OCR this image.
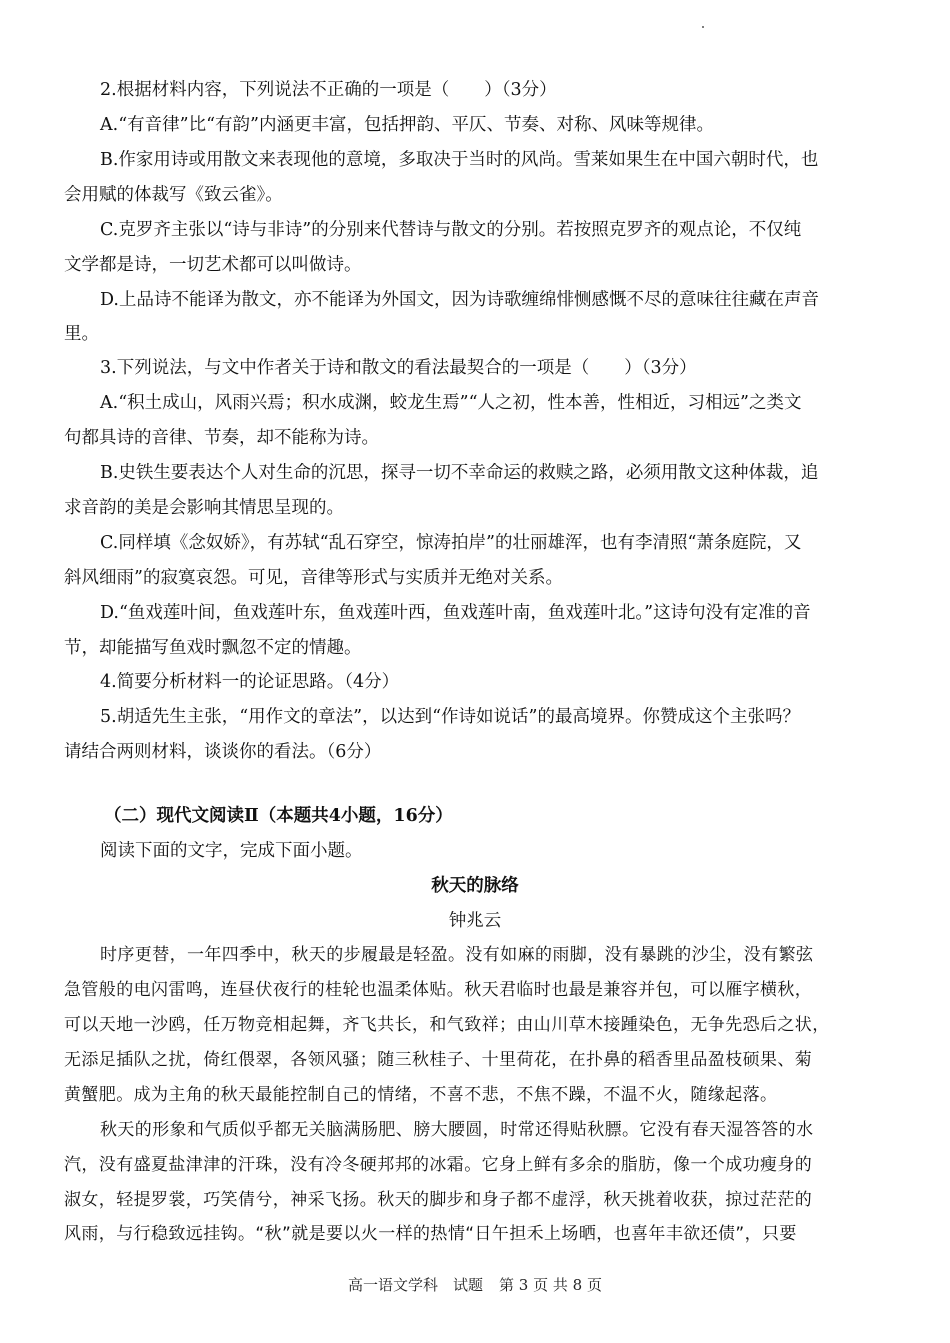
2.根据材料内容，下列说法不正确的一项是（　　）（3分）
A.“有音律”比“有韵”内涵更丰富，包括押韵、平仄、节奏、对称、风味等规律。
B.作家用诗或用散文来表现他的意境，多取决于当时的风尚。雪莱如果生在中国六朝时代，也
会用赋的体裁写《致云雀》。
C.克罗齐主张以“诗与非诗”的分别来代替诗与散文的分别。若按照克罗齐的观点论，不仅纯
文学都是诗，一切艺术都可以叫做诗。
D.上品诗不能译为散文，亦不能译为外国文，因为诗歌缠绵悱恻感慨不尽的意味往往藏在声音
里。
3.下列说法，与文中作者关于诗和散文的看法最契合的一项是（　　）（3分）
A.“积土成山，风雨兴焉；积水成渊，蛟龙生焉”“人之初，性本善，性相近，习相远”之类文
句都具诗的音律、节奏，却不能称为诗。
B.史铁生要表达个人对生命的沉思，探寻一切不幸命运的救赎之路，必须用散文这种体裁，追
求音韵的美是会影响其情思呈现的。
C.同样填《念奴娇》，有苏轼“乱石穿空，惊涛拍岸”的壮丽雄浑，也有李清照“萧条庭院，又
斜风细雨”的寂寞哀怨。可见，音律等形式与实质并无绝对关系。
D.“鱼戏莲叶间，鱼戏莲叶东，鱼戏莲叶西，鱼戏莲叶南，鱼戏莲叶北。”这诗句没有定准的音
节，却能描写鱼戏时飘忽不定的情趣。
4.简要分析材料一的论证思路。（4分）
5.胡适先生主张，“用作文的章法”，以达到“作诗如说话”的最高境界。你赞成这个主张吗？
请结合两则材料，谈谈你的看法。（6分）
（二）现代文阅读Ⅱ（本题共4小题，16分）
阅读下面的文字，完成下面小题。
秋天的脉络
钟兆云
时序更替，一年四季中，秋天的步履最是轻盈。没有如麻的雨脚，没有暴跳的沙尘，没有繁弦
急管般的电闪雷鸣，连昼伏夜行的桂轮也温柔体贴。秋天君临时也最是兼容并包，可以雁字横秋，
可以天地一沙鸥，任万物竞相起舞，齐飞共长，和气致祥；由山川草木接踵染色，无争先恐后之状，
无添足插队之扰，倚红偎翠，各领风骚；随三秋桂子、十里荷花，在扑鼻的稻香里品盈枝硕果、菊
黄蟹肥。成为主角的秋天最能控制自己的情绪，不喜不悲，不焦不躁，不温不火，随缘起落。
秋天的形象和气质似乎都无关脑满肠肥、膀大腰圆，时常还得贴秋膘。它没有春天湿答答的水
汽，没有盛夏盐津津的汗珠，没有冷冬硬邦邦的冰霜。它身上鲜有多余的脂肪，像一个成功瘦身的
淑女，轻提罗裳，巧笑倩兮，神采飞扬。秋天的脚步和身子都不虚浮，秋天挑着收获，掠过茫茫的
风雨，与行稳致远挂钩。“秋”就是要以火一样的热情“日午担禾上场晒，也喜年丰欲还债”，只要
高一语文学科　试题 第 3 页 共 8 页
